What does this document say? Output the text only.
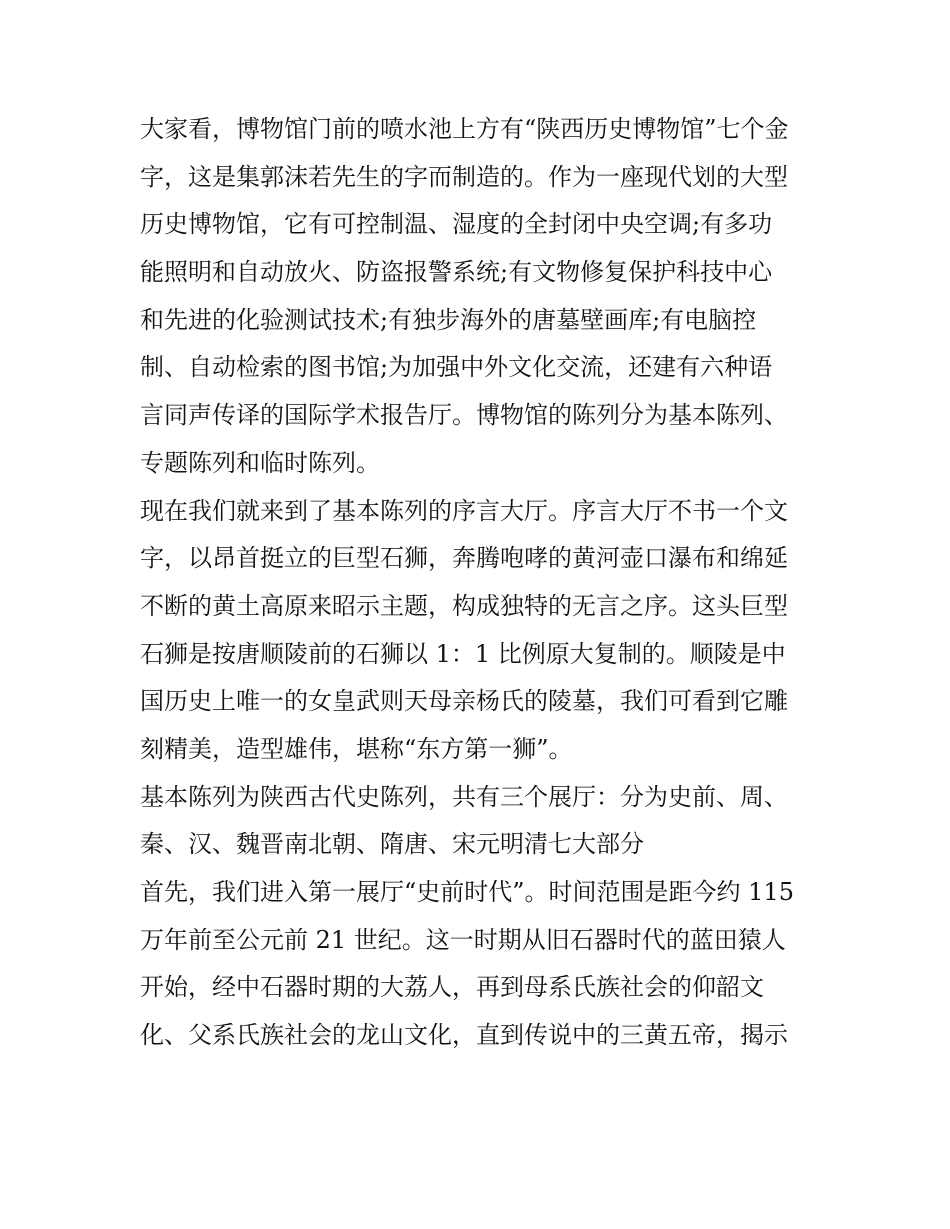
大家看，博物馆门前的喷水池上方有“陕西历史博物馆”七个金
字，这是集郭沫若先生的字而制造的。作为一座现代划的大型
历史博物馆，它有可控制温、湿度的全封闭中央空调;有多功
能照明和自动放火、防盗报警系统;有文物修复保护科技中心
和先进的化验测试技术;有独步海外的唐墓壁画库;有电脑控
制、自动检索的图书馆;为加强中外文化交流，还建有六种语
言同声传译的国际学术报告厅。博物馆的陈列分为基本陈列、
专题陈列和临时陈列。

现在我们就来到了基本陈列的序言大厅。序言大厅不书一个文
字，以昂首挺立的巨型石狮，奔腾咆哮的黄河壶口瀑布和绵延
不断的黄土高原来昭示主题，构成独特的无言之序。这头巨型
石狮是按唐顺陵前的石狮以 1：1 比例原大复制的。顺陵是中
国历史上唯一的女皇武则天母亲杨氏的陵墓，我们可看到它雕
刻精美，造型雄伟，堪称“东方第一狮”。

基本陈列为陕西古代史陈列，共有三个展厅：分为史前、周、
秦、汉、魏晋南北朝、隋唐、宋元明清七大部分

首先，我们进入第一展厅“史前时代”。时间范围是距今约 115
万年前至公元前 21 世纪。这一时期从旧石器时代的蓝田猿人
开始，经中石器时期的大荔人，再到母系氏族社会的仰韶文
化、父系氏族社会的龙山文化，直到传说中的三黄五帝，揭示
